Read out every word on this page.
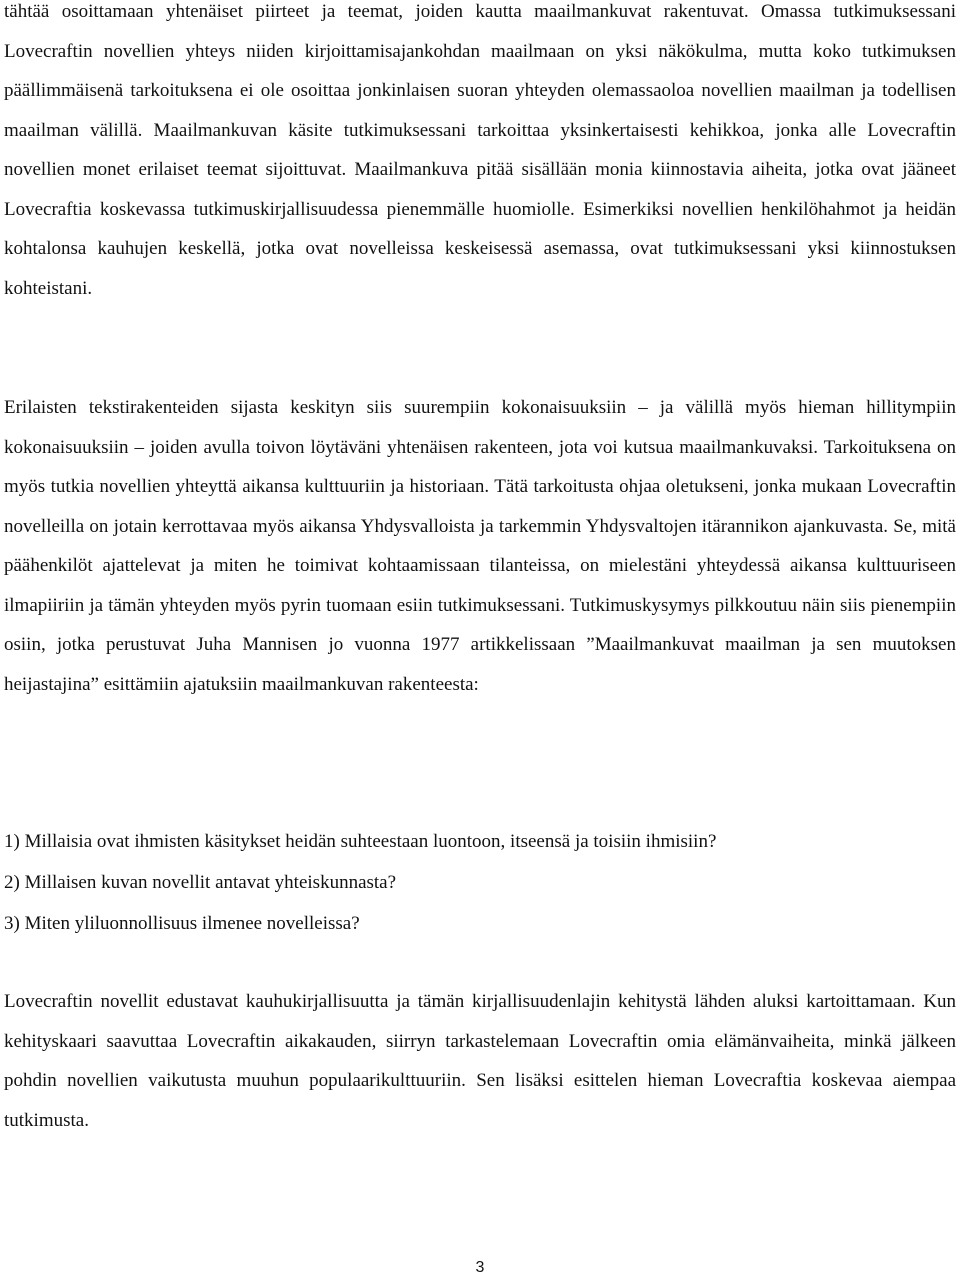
tähtää osoittamaan yhtenäiset piirteet ja teemat, joiden kautta maailmankuvat rakentuvat. Omassa tutkimuksessani Lovecraftin novellien yhteys niiden kirjoittamisajankohdan maailmaan on yksi näkökulma, mutta koko tutkimuksen päällimmäisenä tarkoituksena ei ole osoittaa jonkinlaisen suoran yhteyden olemassaoloa novellien maailman ja todellisen maailman välillä. Maailmankuvan käsite tutkimuksessani tarkoittaa yksinkertaisesti kehikkoa, jonka alle Lovecraftin novellien monet erilaiset teemat sijoittuvat. Maailmankuva pitää sisällään monia kiinnostavia aiheita, jotka ovat jääneet Lovecraftia koskevassa tutkimuskirjallisuudessa pienemmälle huomiolle. Esimerkiksi novellien henkilöhahmot ja heidän kohtalonsa kauhujen keskellä, jotka ovat novelleissa keskeisessä asemassa, ovat tutkimuksessani yksi kiinnostuksen kohteistani.

Erilaisten tekstirakenteiden sijasta keskityn siis suurempiin kokonaisuuksiin – ja välillä myös hieman hillitympiin kokonaisuuksiin – joiden avulla toivon löytäväni yhtenäisen rakenteen, jota voi kutsua maailmankuvaksi. Tarkoituksena on myös tutkia novellien yhteyttä aikansa kulttuuriin ja historiaan. Tätä tarkoitusta ohjaa oletukseni, jonka mukaan Lovecraftin novelleilla on jotain kerrottavaa myös aikansa Yhdysvalloista ja tarkemmin Yhdysvaltojen itärannikon ajankuvasta. Se, mitä päähenkilöt ajattelevat ja miten he toimivat kohtaamissaan tilanteissa, on mielestäni yhteydessä aikansa kulttuuriseen ilmapiiriin ja tämän yhteyden myös pyrin tuomaan esiin tutkimuksessani. Tutkimuskysymys pilkkoutuu näin siis pienempiin osiin, jotka perustuvat Juha Mannisen jo vuonna 1977 artikkelissaan ”Maailmankuvat maailman ja sen muutoksen heijastajina” esittämiin ajatuksiin maailmankuvan rakenteesta:

1) Millaisia ovat ihmisten käsitykset heidän suhteestaan luontoon, itseensä ja toisiin ihmisiin?
2) Millaisen kuvan novellit antavat yhteiskunnasta?
3) Miten yliluonnollisuus ilmenee novelleissa?

Lovecraftin novellit edustavat kauhukirjallisuutta ja tämän kirjallisuudenlajin kehitystä lähden aluksi kartoittamaan. Kun kehityskaari saavuttaa Lovecraftin aikakauden, siirryn tarkastelemaan Lovecraftin omia elämänvaiheita, minkä jälkeen pohdin novellien vaikutusta muuhun populaarikulttuuriin. Sen lisäksi esittelen hieman Lovecraftia koskevaa aiempaa tutkimusta.

3
